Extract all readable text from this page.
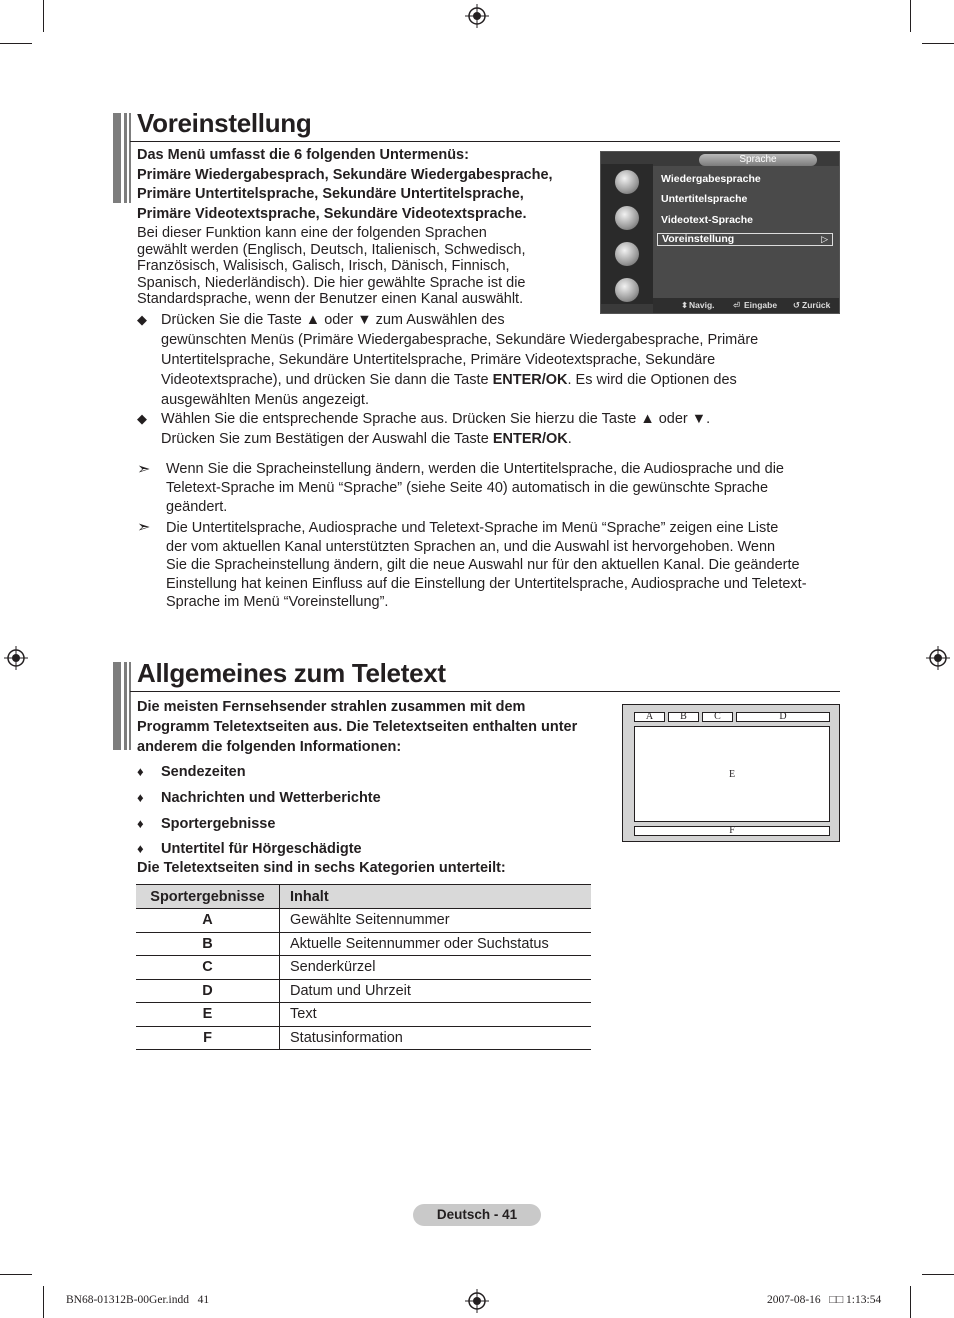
Voreinstellung
Das Menü umfasst die 6 folgenden Untermenüs:
Primäre Wiedergabesprach, Sekundäre Wiedergabesprache,
Primäre Untertitelsprache, Sekundäre Untertitelsprache,
Primäre Videotextsprache, Sekundäre Videotextsprache.
Bei dieser Funktion kann eine der folgenden Sprachen
gewählt werden (Englisch, Deutsch, Italienisch, Schwedisch,
Französisch, Walisisch, Galisch, Irisch, Dänisch, Finnisch,
Spanisch, Niederländisch). Die hier gewählte Sprache ist die
Standardsprache, wenn der Benutzer einen Kanal auswählt.
Sprache
Wiedergabesprache
Untertitelsprache
Videotext-Sprache
Voreinstellung	▷
⬍ Navig. ⏎ Eingabe ↺ Zurück
◆ Drücken Sie die Taste ▲ oder ▼ zum Auswählen des
gewünschten Menüs (Primäre Wiedergabesprache, Sekundäre Wiedergabesprache, Primäre
Untertitelsprache, Sekundäre Untertitelsprache, Primäre Videotextsprache, Sekundäre
Videotextsprache), und drücken Sie dann die Taste ENTER/OK. Es wird die Optionen des
ausgewählten Menüs angezeigt.
◆ Wählen Sie die entsprechende Sprache aus. Drücken Sie hierzu die Taste ▲ oder ▼.
Drücken Sie zum Bestätigen der Auswahl die Taste ENTER/OK.
➣ Wenn Sie die Spracheinstellung ändern, werden die Untertitelsprache, die Audiosprache und die
Teletext-Sprache im Menü “Sprache” (siehe Seite 40) automatisch in die gewünschte Sprache
geändert.
➣ Die Untertitelsprache, Audiosprache und Teletext-Sprache im Menü “Sprache” zeigen eine Liste
der vom aktuellen Kanal unterstützten Sprachen an, und die Auswahl ist hervorgehoben. Wenn
Sie die Spracheinstellung ändern, gilt die neue Auswahl nur für den aktuellen Kanal. Die geänderte
Einstellung hat keinen Einfluss auf die Einstellung der Untertitelsprache, Audiosprache und Teletext-
Sprache im Menü “Voreinstellung”.
Allgemeines zum Teletext
Die meisten Fernsehsender strahlen zusammen mit dem
Programm Teletextseiten aus. Die Teletextseiten enthalten unter
anderem die folgenden Informationen:
♦ Sendezeiten
♦ Nachrichten und Wetterberichte
♦ Sportergebnisse
♦ Untertitel für Hörgeschädigte
Die Teletextseiten sind in sechs Kategorien unterteilt:
A	B	C	D
E
F
Sportergebnisse	Inhalt
A	Gewählte Seitennummer
B	Aktuelle Seitennummer oder Suchstatus
C	Senderkürzel
D	Datum und Uhrzeit
E	Text
F	Statusinformation
Deutsch - 41
BN68-01312B-00Ger.indd   41	2007-08-16   □□ 1:13:54
